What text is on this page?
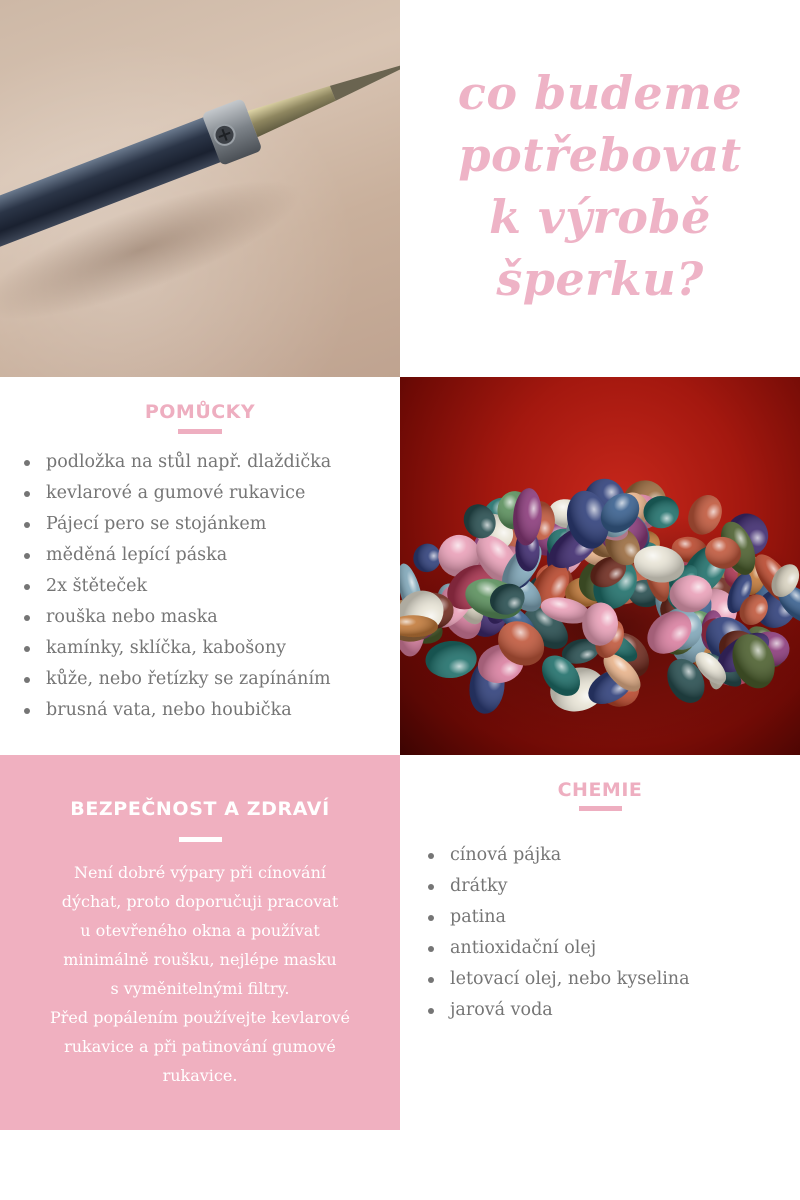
co budeme
potřebovat
k výrobě
šperku?
POMŮCKY
podložka na stůl např. dlaždička
kevlarové a gumové rukavice
Pájecí pero se stojánkem
měděná lepící páska
2x štěteček
rouška nebo maska
kamínky, sklíčka, kabošony
kůže, nebo řetízky se zapínáním
brusná vata, nebo houbička
BEZPEČNOST A ZDRAVÍ
Není dobré výpary při cínování
dýchat, proto doporučuji pracovat
u otevřeného okna a používat
minimálně roušku, nejlépe masku
s vyměnitelnými filtry.
Před popálením používejte kevlarové
rukavice a při patinování gumové
rukavice.
CHEMIE
cínová pájka
drátky
patina
antioxidační olej
letovací olej, nebo kyselina
jarová voda
